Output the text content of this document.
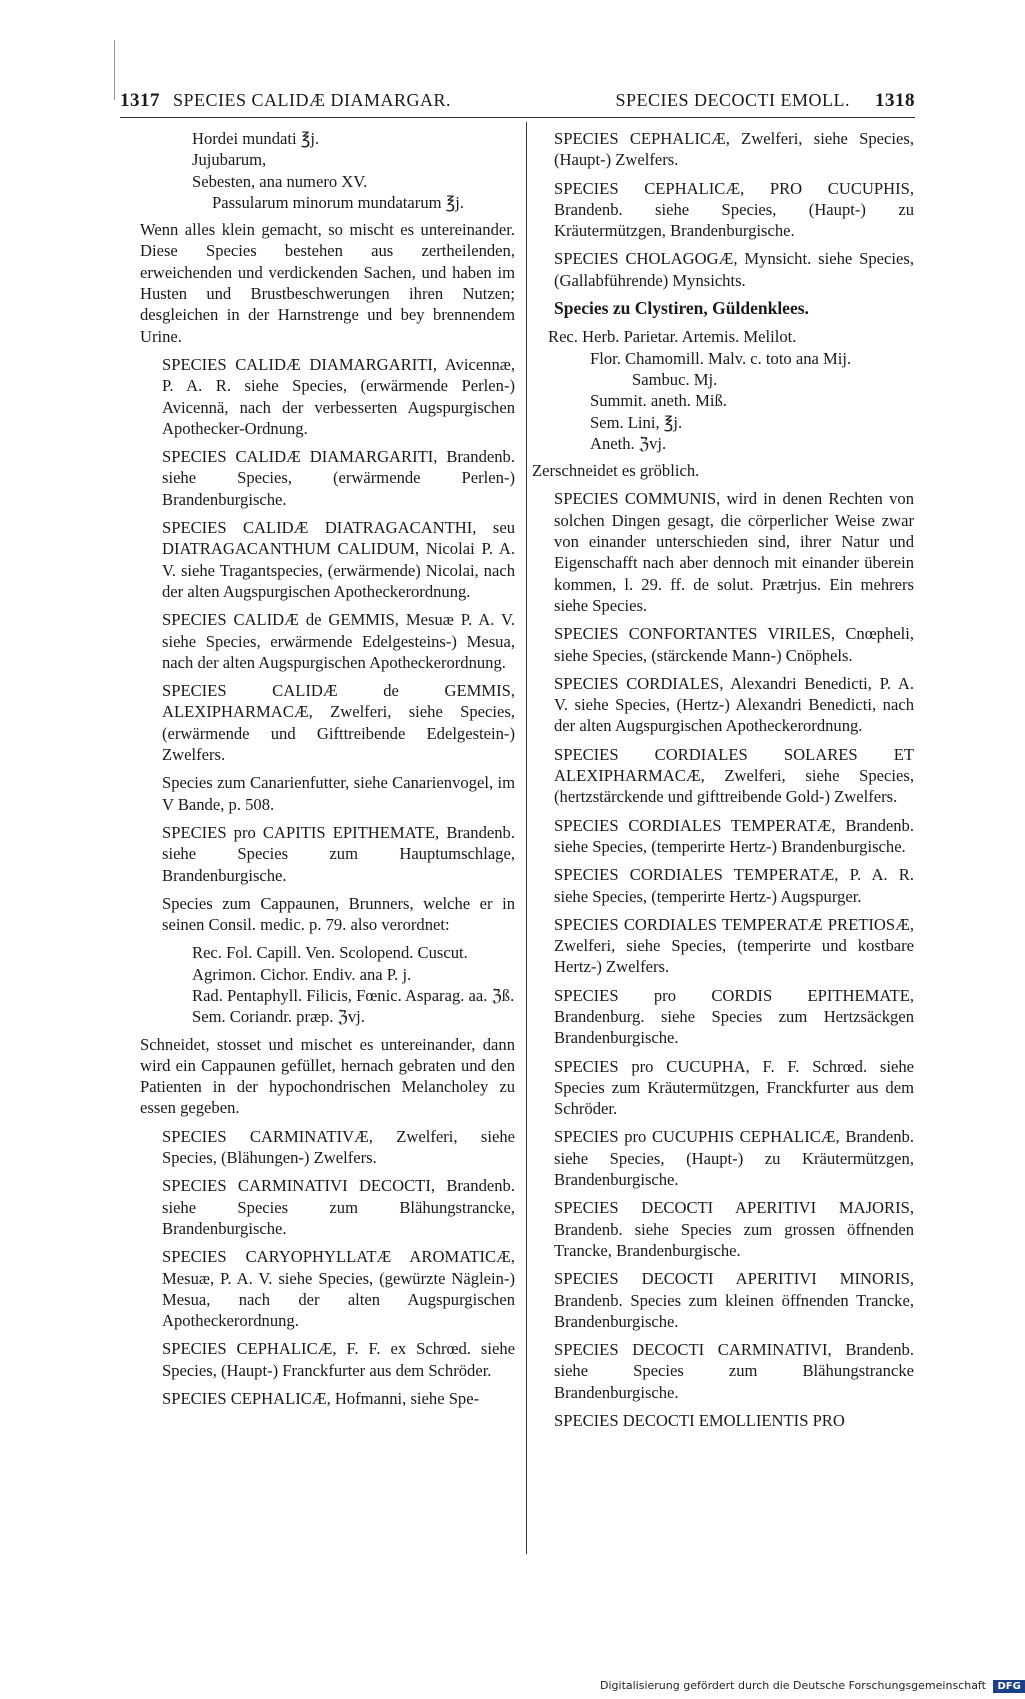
1317 SPECIES CALIDÆ DIAMARGAR.	SPECIES DECOCTI EMOLL. 1318
Hordei mundati ℥j.
Jujubarum,
Sebesten, ana numero XV.
Passularum minorum mundatarum ℥j.

Wenn alles klein gemacht, so mischt es untereinander. Diese Species bestehen aus zertheilenden, erweichenden und verdickenden Sachen, und haben im Husten und Brustbeschwerungen ihren Nutzen; desgleichen in der Harnstrenge und bey brennendem Urine.

SPECIES CALIDÆ DIAMARGARITI, Avicennæ, P. A. R. siehe Species, (erwärmende Perlen-) Avicennä, nach der verbesserten Augspurgischen Apothecker-Ordnung.

SPECIES CALIDÆ DIAMARGARITI, Brandenb. siehe Species, (erwärmende Perlen-) Brandenburgische.

SPECIES CALIDÆ DIATRAGACANTHI, seu DIATRAGACANTHUM CALIDUM, Nicolai P. A. V. siehe Tragantspecies, (erwärmende) Nicolai, nach der alten Augspurgischen Apotheckerordnung.

SPECIES CALIDÆ de GEMMIS, Mesuæ P. A. V. siehe Species, erwärmende Edelgesteins-) Mesua, nach der alten Augspurgischen Apotheckerordnung.

SPECIES CALIDÆ de GEMMIS, ALEXIPHARMACÆ, Zwelferi, siehe Species, (erwärmende und Gifttreibende Edelgestein-) Zwelfers.

Species zum Canarienfutter, siehe Canarienvogel, im V Bande, p. 508.

SPECIES pro CAPITIS EPITHEMATE, Brandenb. siehe Species zum Hauptumschlage, Brandenburgische.

Species zum Cappaunen, Brunners, welche er in seinen Consil. medic. p. 79. also verordnet:

Rec. Fol. Capill. Ven. Scolopend. Cuscut. Agrimon. Cichor. Endiv. ana P. j.
Rad. Pentaphyll. Filicis, Fœnic. Asparag. aa. ℨß.
Sem. Coriandr. præp. ℨvj.

Schneidet, stosset und mischet es untereinander, dann wird ein Cappaunen gefüllet, hernach gebraten und den Patienten in der hypochondrischen Melancholey zu essen gegeben.

SPECIES CARMINATIVÆ, Zwelferi, siehe Species, (Blähungen-) Zwelfers.

SPECIES CARMINATIVI DECOCTI, Brandenb. siehe Species zum Blähungstrancke, Brandenburgische.

SPECIES CARYOPHYLLATÆ AROMATICÆ, Mesuæ, P. A. V. siehe Species, (gewürzte Näglein-) Mesua, nach der alten Augspurgischen Apotheckerordnung.

SPECIES CEPHALICÆ, F. F. ex Schrœd. siehe Species, (Haupt-) Franckfurter aus dem Schröder.

SPECIES CEPHALICÆ, Hofmanni, siehe Spe-

SPECIES CEPHALICÆ, Zwelferi, siehe Species, (Haupt-) Zwelfers.

SPECIES CEPHALICÆ, PRO CUCUPHIS, Brandenb. siehe Species, (Haupt-) zu Kräutermützgen, Brandenburgische.

SPECIES CHOLAGOGÆ, Mynsicht. siehe Species, (Gallabführende) Mynsichts.

Species zu Clystiren, Güldenklees.

Rec. Herb. Parietar. Artemis. Melilot.
Flor. Chamomill. Malv. c. toto ana Mij.
Sambuc. Mj.
Summit. aneth. Miß.
Sem. Lini, ℥j.
Aneth. ℨvj.

Zerschneidet es gröblich.

SPECIES COMMUNIS, wird in denen Rechten von solchen Dingen gesagt, die cörperlicher Weise zwar von einander unterschieden sind, ihrer Natur und Eigenschafft nach aber dennoch mit einander überein kommen, l. 29. ff. de solut. Prætrjus. Ein mehrers siehe Species.

SPECIES CONFORTANTES VIRILES, Cnœpheli, siehe Species, (stärckende Mann-) Cnöphels.

SPECIES CORDIALES, Alexandri Benedicti, P. A. V. siehe Species, (Hertz-) Alexandri Benedicti, nach der alten Augspurgischen Apotheckerordnung.

SPECIES CORDIALES SOLARES ET ALEXIPHARMACÆ, Zwelferi, siehe Species, (hertzstärckende und gifttreibende Gold-) Zwelfers.

SPECIES CORDIALES TEMPERATÆ, Brandenb. siehe Species, (temperirte Hertz-) Brandenburgische.

SPECIES CORDIALES TEMPERATÆ, P. A. R. siehe Species, (temperirte Hertz-) Augspurger.

SPECIES CORDIALES TEMPERATÆ PRETIOSÆ, Zwelferi, siehe Species, (temperirte und kostbare Hertz-) Zwelfers.

SPECIES pro CORDIS EPITHEMATE, Brandenburg. siehe Species zum Hertzsäckgen Brandenburgische.

SPECIES pro CUCUPHA, F. F. Schrœd. siehe Species zum Kräutermützgen, Franckfurter aus dem Schröder.

SPECIES pro CUCUPHIS CEPHALICÆ, Brandenb. siehe Species, (Haupt-) zu Kräutermützgen, Brandenburgische.

SPECIES DECOCTI APERITIVI MAJORIS, Brandenb. siehe Species zum grossen öffnenden Trancke, Brandenburgische.

SPECIES DECOCTI APERITIVI MINORIS, Brandenb. Species zum kleinen öffnenden Trancke, Brandenburgische.

SPECIES DECOCTI CARMINATIVI, Brandenb. siehe Species zum Blähungstrancke Brandenburgische.

SPECIES DECOCTI EMOLLIENTIS PRO

Digitalisierung gefördert durch die Deutsche Forschungsgemeinschaft DFG
